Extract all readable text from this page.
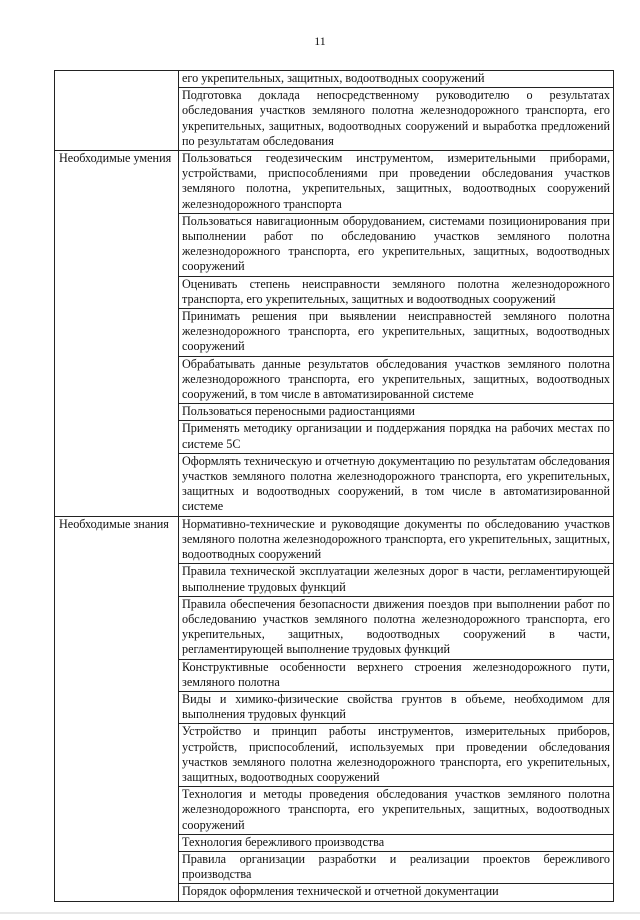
11

	его укрепительных, защитных, водоотводных сооружений

	Подготовка доклада непосредственному руководителю о результатах обследования участков земляного полотна железнодорожного транспорта, его укрепительных, защитных, водоотводных сооружений и выработка предложений по результатам обследования

Необходимые умения	Пользоваться геодезическим инструментом, измерительными приборами, устройствами, приспособлениями при проведении обследования участков земляного полотна, укрепительных, защитных, водоотводных сооружений железнодорожного транспорта

	Пользоваться навигационным оборудованием, системами позиционирования при выполнении работ по обследованию участков земляного полотна железнодорожного транспорта, его укрепительных, защитных, водоотводных сооружений

	Оценивать степень неисправности земляного полотна железнодорожного транспорта, его укрепительных, защитных и водоотводных сооружений

	Принимать решения при выявлении неисправностей земляного полотна железнодорожного транспорта, его укрепительных, защитных, водоотводных сооружений

	Обрабатывать данные результатов обследования участков земляного полотна железнодорожного транспорта, его укрепительных, защитных, водоотводных сооружений, в том числе в автоматизированной системе

	Пользоваться переносными радиостанциями

	Применять методику организации и поддержания порядка на рабочих местах по системе 5С

	Оформлять техническую и отчетную документацию по результатам обследования участков земляного полотна железнодорожного транспорта, его укрепительных, защитных и водоотводных сооружений, в том числе в автоматизированной системе

Необходимые знания	Нормативно-технические и руководящие документы по обследованию участков земляного полотна железнодорожного транспорта, его укрепительных, защитных, водоотводных сооружений

	Правила технической эксплуатации железных дорог в части, регламентирующей выполнение трудовых функций

	Правила обеспечения безопасности движения поездов при выполнении работ по обследованию участков земляного полотна железнодорожного транспорта, его укрепительных, защитных, водоотводных сооружений в части, регламентирующей выполнение трудовых функций

	Конструктивные особенности верхнего строения железнодорожного пути, земляного полотна

	Виды и химико-физические свойства грунтов в объеме, необходимом для выполнения трудовых функций

	Устройство и принцип работы инструментов, измерительных приборов, устройств, приспособлений, используемых при проведении обследования участков земляного полотна железнодорожного транспорта, его укрепительных, защитных, водоотводных сооружений

	Технология и методы проведения обследования участков земляного полотна железнодорожного транспорта, его укрепительных, защитных, водоотводных сооружений

	Технология бережливого производства

	Правила организации разработки и реализации проектов бережливого производства

	Порядок оформления технической и отчетной документации
